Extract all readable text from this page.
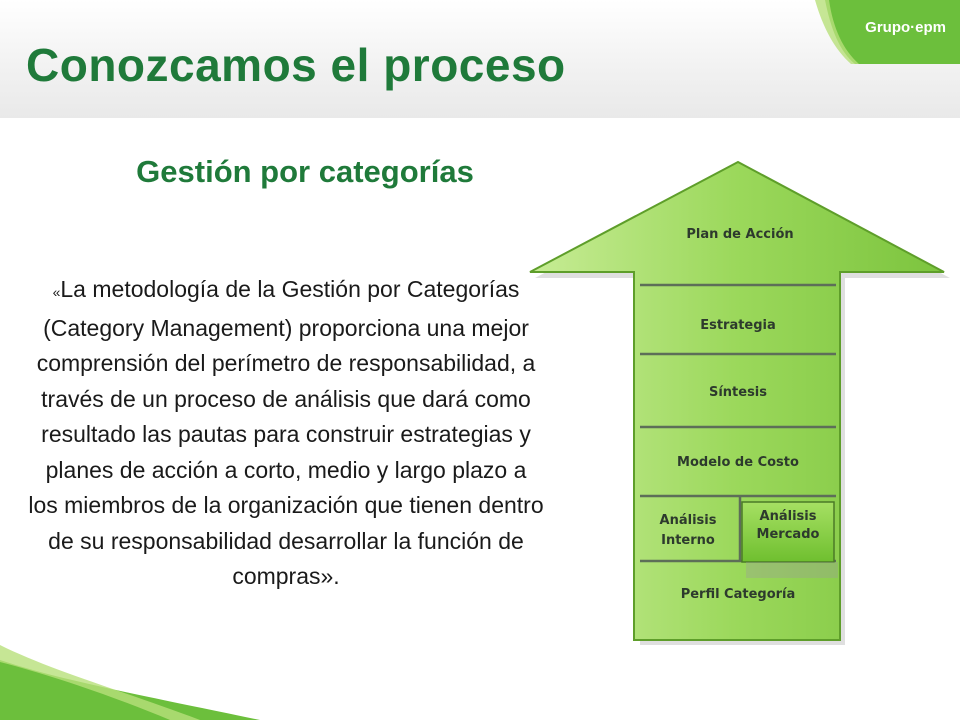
Grupo·epm
Conozcamos el proceso
Gestión por categorías

«La metodología de la Gestión por Categorías (Category Management) proporciona una mejor comprensión del perímetro de responsabilidad, a través de un proceso de análisis que dará como resultado las pautas para construir estrategias y planes de acción a corto, medio y largo plazo a los miembros de la organización que tienen dentro de su responsabilidad desarrollar la función de compras».

Plan de Acción
Estrategia
Síntesis
Modelo de Costo
Análisis
Interno
Análisis
Mercado
Perfil Categoría
